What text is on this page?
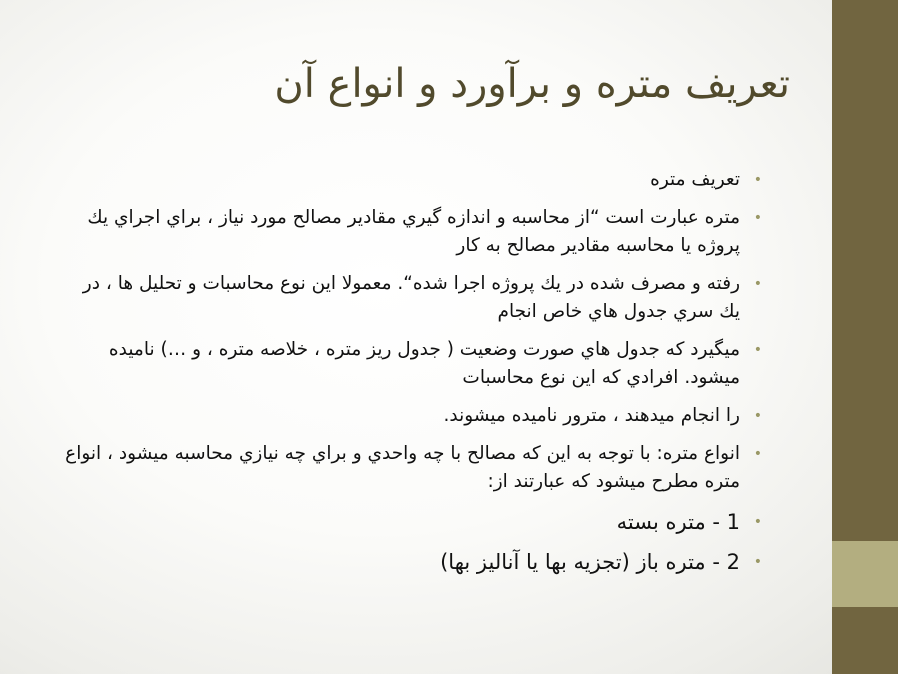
تعريف متره و برآورد و انواع آن
•
تعريف متره
•
متره عبارت است “از محاسبه و اندازه گيري مقادير مصالح مورد نياز ، براي اجراي يك پروژه يا محاسبه مقادير مصالح به كار
•
رفته و مصرف شده در يك پروژه اجرا شده“. معمولا اين نوع محاسبات و تحليل ها ، در يك سري جدول هاي خاص انجام
•
ميگيرد كه جدول هاي صورت وضعيت ( جدول ريز متره ، خلاصه متره ، و …) ناميده ميشود. افرادي كه اين نوع محاسبات
•
را انجام ميدهند ، مترور ناميده ميشوند.
•
انواع متره: با توجه به اين كه مصالح با چه واحدي و براي چه نيازي محاسبه ميشود ، انواع متره مطرح ميشود كه عبارتند از:
•
1 - متره بسته
•
2 - متره باز (تجزيه بها يا آناليز بها)
